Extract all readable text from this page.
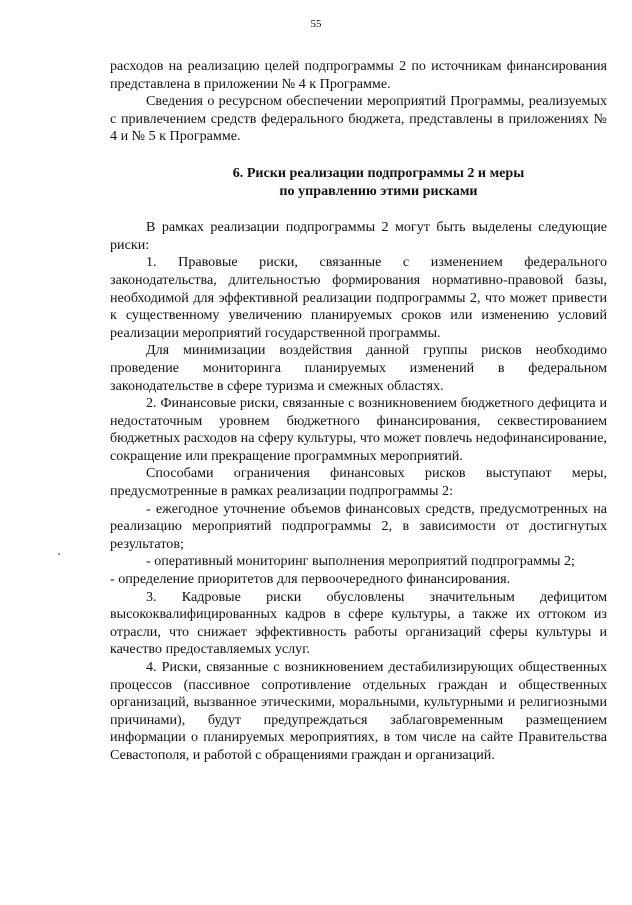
55

расходов на реализацию целей подпрограммы 2 по источникам финансирования представлена в приложении № 4 к Программе.

Сведения о ресурсном обеспечении мероприятий Программы, реализуемых с привлечением средств федерального бюджета, представлены в приложениях № 4 и № 5 к Программе.

6. Риски реализации подпрограммы 2 и меры
по управлению этими рисками

В рамках реализации подпрограммы 2 могут быть выделены следующие риски:

1. Правовые риски, связанные с изменением федерального законодательства, длительностью формирования нормативно-правовой базы, необходимой для эффективной реализации подпрограммы 2, что может привести к существенному увеличению планируемых сроков или изменению условий реализации мероприятий государственной программы.

Для минимизации воздействия данной группы рисков необходимо проведение мониторинга планируемых изменений в федеральном законодательстве в сфере туризма и смежных областях.

2. Финансовые риски, связанные с возникновением бюджетного дефицита и недостаточным уровнем бюджетного финансирования, секвестированием бюджетных расходов на сферу культуры, что может повлечь недофинансирование, сокращение или прекращение программных мероприятий.

Способами ограничения финансовых рисков выступают меры, предусмотренные в рамках реализации подпрограммы 2:

- ежегодное уточнение объемов финансовых средств, предусмотренных на реализацию мероприятий подпрограммы 2, в зависимости от достигнутых результатов;

- оперативный мониторинг выполнения мероприятий подпрограммы 2;

- определение приоритетов для первоочередного финансирования.

3. Кадровые риски обусловлены значительным дефицитом высококвалифицированных кадров в сфере культуры, а также их оттоком из отрасли, что снижает эффективность работы организаций сферы культуры и качество предоставляемых услуг.

4. Риски, связанные с возникновением дестабилизирующих общественных процессов (пассивное сопротивление отдельных граждан и общественных организаций, вызванное этическими, моральными, культурными и религиозными причинами), будут предупреждаться заблаговременным размещением информации о планируемых мероприятиях, в том числе на сайте Правительства Севастополя, и работой с обращениями граждан и организаций.
